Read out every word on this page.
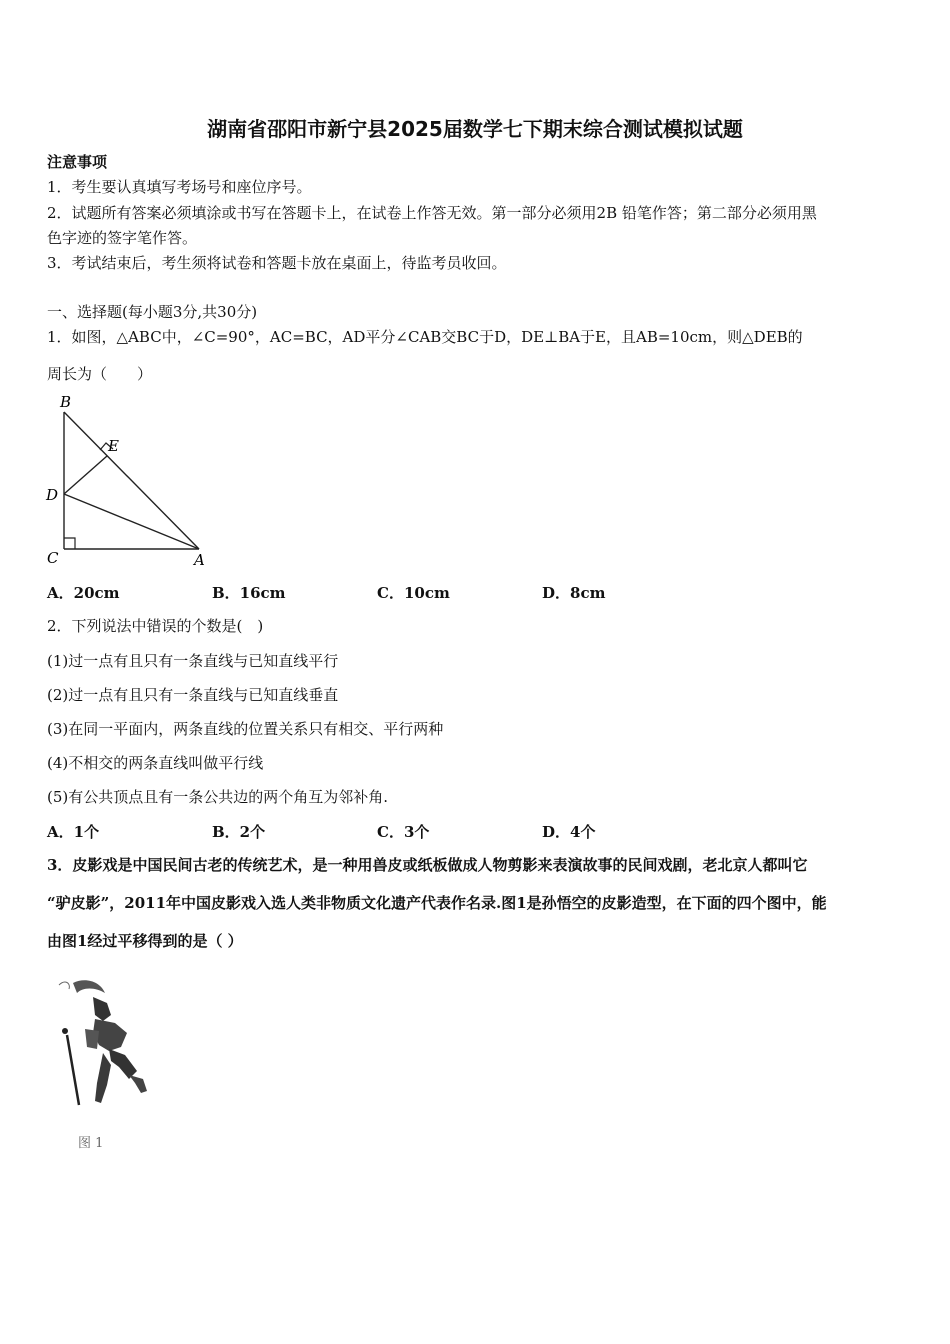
湖南省邵阳市新宁县2025届数学七下期末综合测试模拟试题
注意事项
1．考生要认真填写考场号和座位序号。
2．试题所有答案必须填涂或书写在答题卡上，在试卷上作答无效。第一部分必须用2B 铅笔作答；第二部分必须用黑
色字迹的签字笔作答。
3．考试结束后，考生须将试卷和答题卡放在桌面上，待监考员收回。
一、选择题(每小题3分,共30分)
1．如图，△ABC中，∠C=90°，AC=BC，AD平分∠CAB交BC于D，DE⊥BA于E，且AB=10cm，则△DEB的
周长为（　　）
B
E
D
C	A
A．20cm	B．16cm	C．10cm	D．8cm
2．下列说法中错误的个数是(　)
(1)过一点有且只有一条直线与已知直线平行
(2)过一点有且只有一条直线与已知直线垂直
(3)在同一平面内，两条直线的位置关系只有相交、平行两种
(4)不相交的两条直线叫做平行线
(5)有公共顶点且有一条公共边的两个角互为邻补角.
A．1个	B．2个	C．3个	D．4个
3．皮影戏是中国民间古老的传统艺术，是一种用兽皮或纸板做成人物剪影来表演故事的民间戏剧，老北京人都叫它
“驴皮影”，2011年中国皮影戏入选人类非物质文化遗产代表作名录.图1是孙悟空的皮影造型，在下面的四个图中，能
由图1经过平移得到的是（ ）
图 1
